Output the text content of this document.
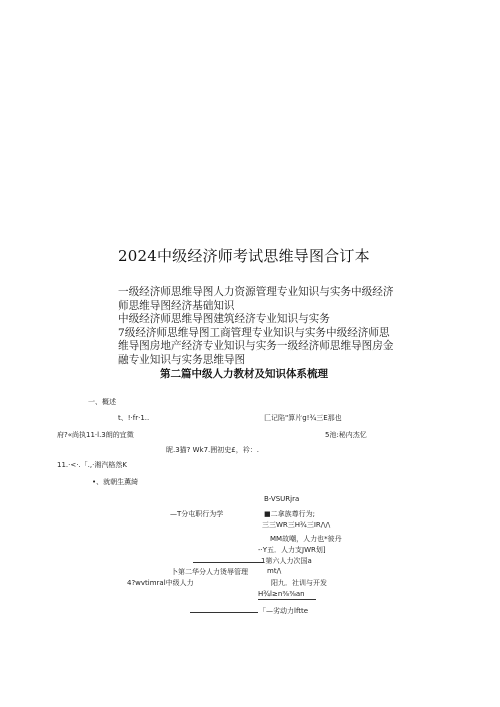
2024中级经济师考试思维导图合订本
一级经济师思维导图人力资源管理专业知识与实务中级经济
师思维导图经济基础知识
中级经济师思维导图建筑经济专业知识与实务
7级经济师思维导图工商管理专业知识与实务中级经济师思
维导图房地产经济专业知识与实务一级经济师思维导图房金
融专业知识与实务思维导图
第二篇中级人力教材及知识体系梳理
一、概述
t、!·fr·1..	匚记陷"算片g!¾三E那也
府?«尚执11·l.3朗的宜徵	5池:秘内杰忆
昵.3猫? Wk7.囲初史£，衿：.
11.·<·.「.,·湘汽格然K
•、就朝生薫綺
B-VSURjra
—T分屯职行为学	■二拿族尊行为;
三三WR三H¾三IR/\/\
MM故嘲，人力也*彼丹
-·Y五．人力支JWR划]
1第六人力次国a
卜第二华分人力烫辱管理	mt/\
4?wvtimral中级人力	阳九．社训与开发
H¾l≥n⅜⅜an
「—劣动力lftte
